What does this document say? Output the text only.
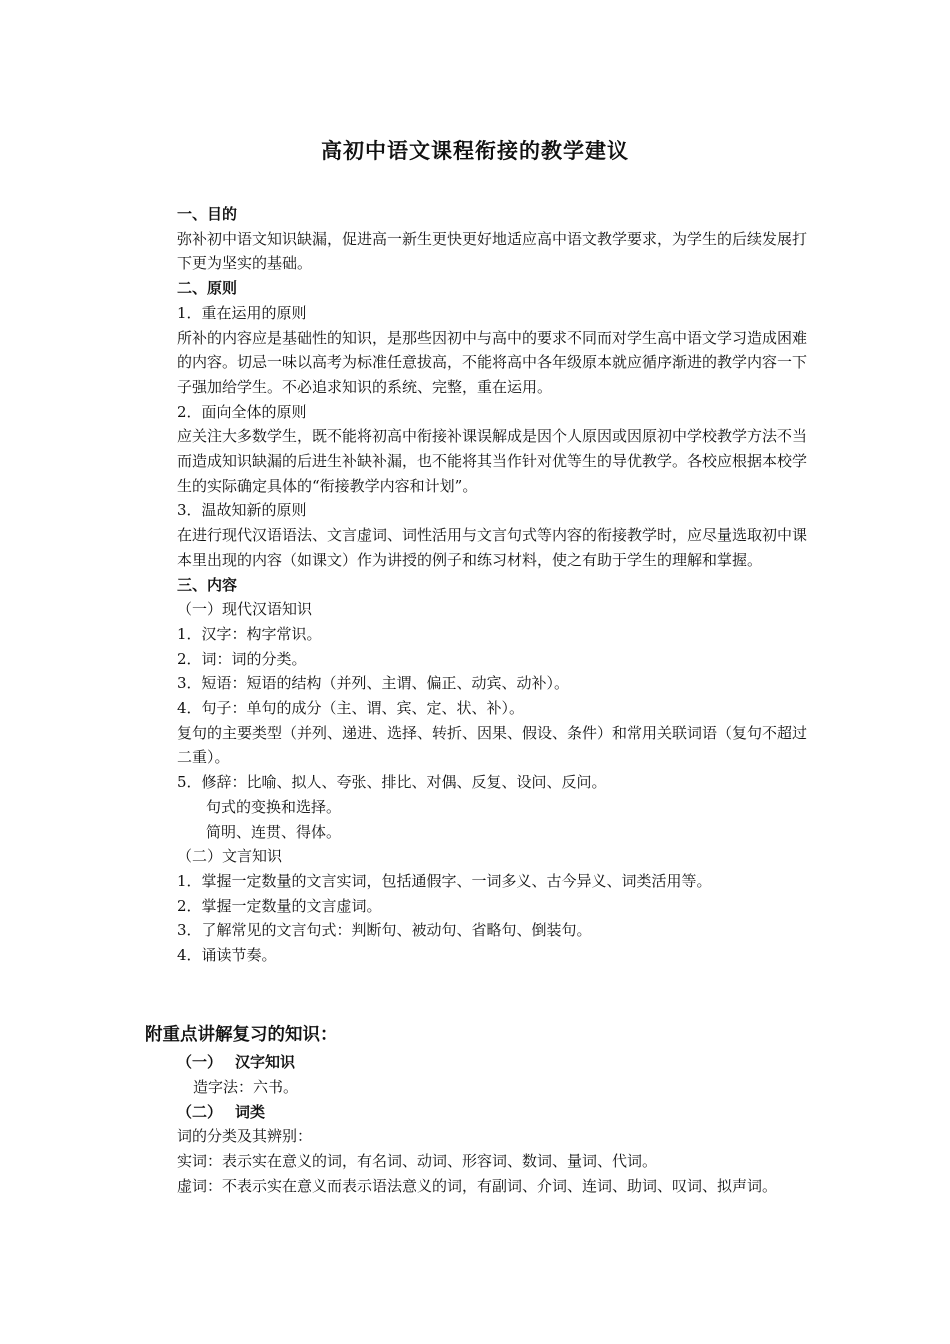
高初中语文课程衔接的教学建议

一、目的

弥补初中语文知识缺漏，促进高一新生更快更好地适应高中语文教学要求，为学生的后续发展打下更为坚实的基础。

二、原则

1．重在运用的原则

所补的内容应是基础性的知识，是那些因初中与高中的要求不同而对学生高中语文学习造成困难的内容。切忌一味以高考为标准任意拔高，不能将高中各年级原本就应循序渐进的教学内容一下子强加给学生。不必追求知识的系统、完整，重在运用。

2．面向全体的原则

应关注大多数学生，既不能将初高中衔接补课误解成是因个人原因或因原初中学校教学方法不当而造成知识缺漏的后进生补缺补漏，也不能将其当作针对优等生的导优教学。各校应根据本校学生的实际确定具体的“衔接教学内容和计划”。

3．温故知新的原则

在进行现代汉语语法、文言虚词、词性活用与文言句式等内容的衔接教学时，应尽量选取初中课本里出现的内容（如课文）作为讲授的例子和练习材料，使之有助于学生的理解和掌握。

三、内容

（一）现代汉语知识

1．汉字：构字常识。

2．词：词的分类。

3．短语：短语的结构（并列、主谓、偏正、动宾、动补）。

4．句子：单句的成分（主、谓、宾、定、状、补）。

复句的主要类型（并列、递进、选择、转折、因果、假设、条件）和常用关联词语（复句不超过二重）。

5．修辞：比喻、拟人、夸张、排比、对偶、反复、设问、反问。

句式的变换和选择。

简明、连贯、得体。

（二）文言知识

1．掌握一定数量的文言实词，包括通假字、一词多义、古今异义、词类活用等。

2．掌握一定数量的文言虚词。

3．了解常见的文言句式：判断句、被动句、省略句、倒装句。

4．诵读节奏。

附重点讲解复习的知识：

（一） 汉字知识

造字法：六书。

（二） 词类

词的分类及其辨别：

实词：表示实在意义的词，有名词、动词、形容词、数词、量词、代词。

虚词：不表示实在意义而表示语法意义的词，有副词、介词、连词、助词、叹词、拟声词。
